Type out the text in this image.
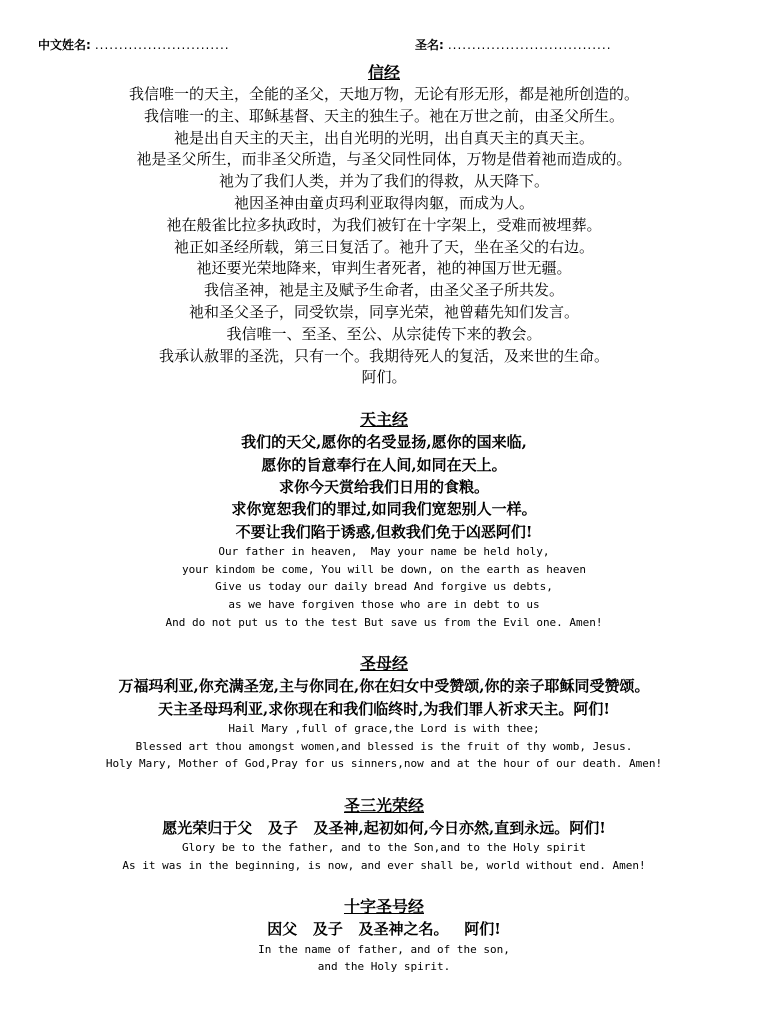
中文姓名: ............................	圣名: ..................................

信经

我信唯一的天主，全能的圣父，天地万物，无论有形无形，都是祂所创造的。

我信唯一的主、耶稣基督、天主的独生子。祂在万世之前，由圣父所生。

祂是出自天主的天主，出自光明的光明，出自真天主的真天主。

祂是圣父所生，而非圣父所造，与圣父同性同体，万物是借着祂而造成的。

祂为了我们人类，并为了我们的得救，从天降下。

祂因圣神由童贞玛利亚取得肉躯，而成为人。

祂在般雀比拉多执政时，为我们被钉在十字架上，受难而被埋葬。

祂正如圣经所载，第三日复活了。祂升了天，坐在圣父的右边。

祂还要光荣地降来，审判生者死者，祂的神国万世无疆。

我信圣神，祂是主及赋予生命者，由圣父圣子所共发。

祂和圣父圣子，同受钦崇，同享光荣，祂曾藉先知们发言。

我信唯一、至圣、至公、从宗徒传下来的教会。

我承认赦罪的圣洗，只有一个。我期待死人的复活，及来世的生命。

阿们。

天主经

我们的天父,愿你的名受显扬,愿你的国来临,

愿你的旨意奉行在人间,如同在天上。

求你今天赏给我们日用的食粮。

求你宽恕我们的罪过,如同我们宽恕别人一样。

不要让我们陷于诱惑,但救我们免于凶恶阿们!

Our father in heaven,  May your name be held holy,

your kindom be come, You will be down, on the earth as heaven

Give us today our daily bread And forgive us debts,

as we have forgiven those who are in debt to us

And do not put us to the test But save us from the Evil one. Amen!

圣母经

万福玛利亚,你充满圣宠,主与你同在,你在妇女中受赞颂,你的亲子耶稣同受赞颂。

天主圣母玛利亚,求你现在和我们临终时,为我们罪人祈求天主。阿们!

Hail Mary ,full of grace,the Lord is with thee;

Blessed art thou amongst women,and blessed is the fruit of thy womb, Jesus.

Holy Mary, Mother of God,Pray for us sinners,now and at the hour of our death. Amen!

圣三光荣经

愿光荣归于父   及子   及圣神,起初如何,今日亦然,直到永远。阿们!

Glory be to the father, and to the Son,and to the Holy spirit

As it was in the beginning, is now, and ever shall be, world without end. Amen!

十字圣号经

因父   及子   及圣神之名。   阿们!

In the name of father, and of the son,

and the Holy spirit.
